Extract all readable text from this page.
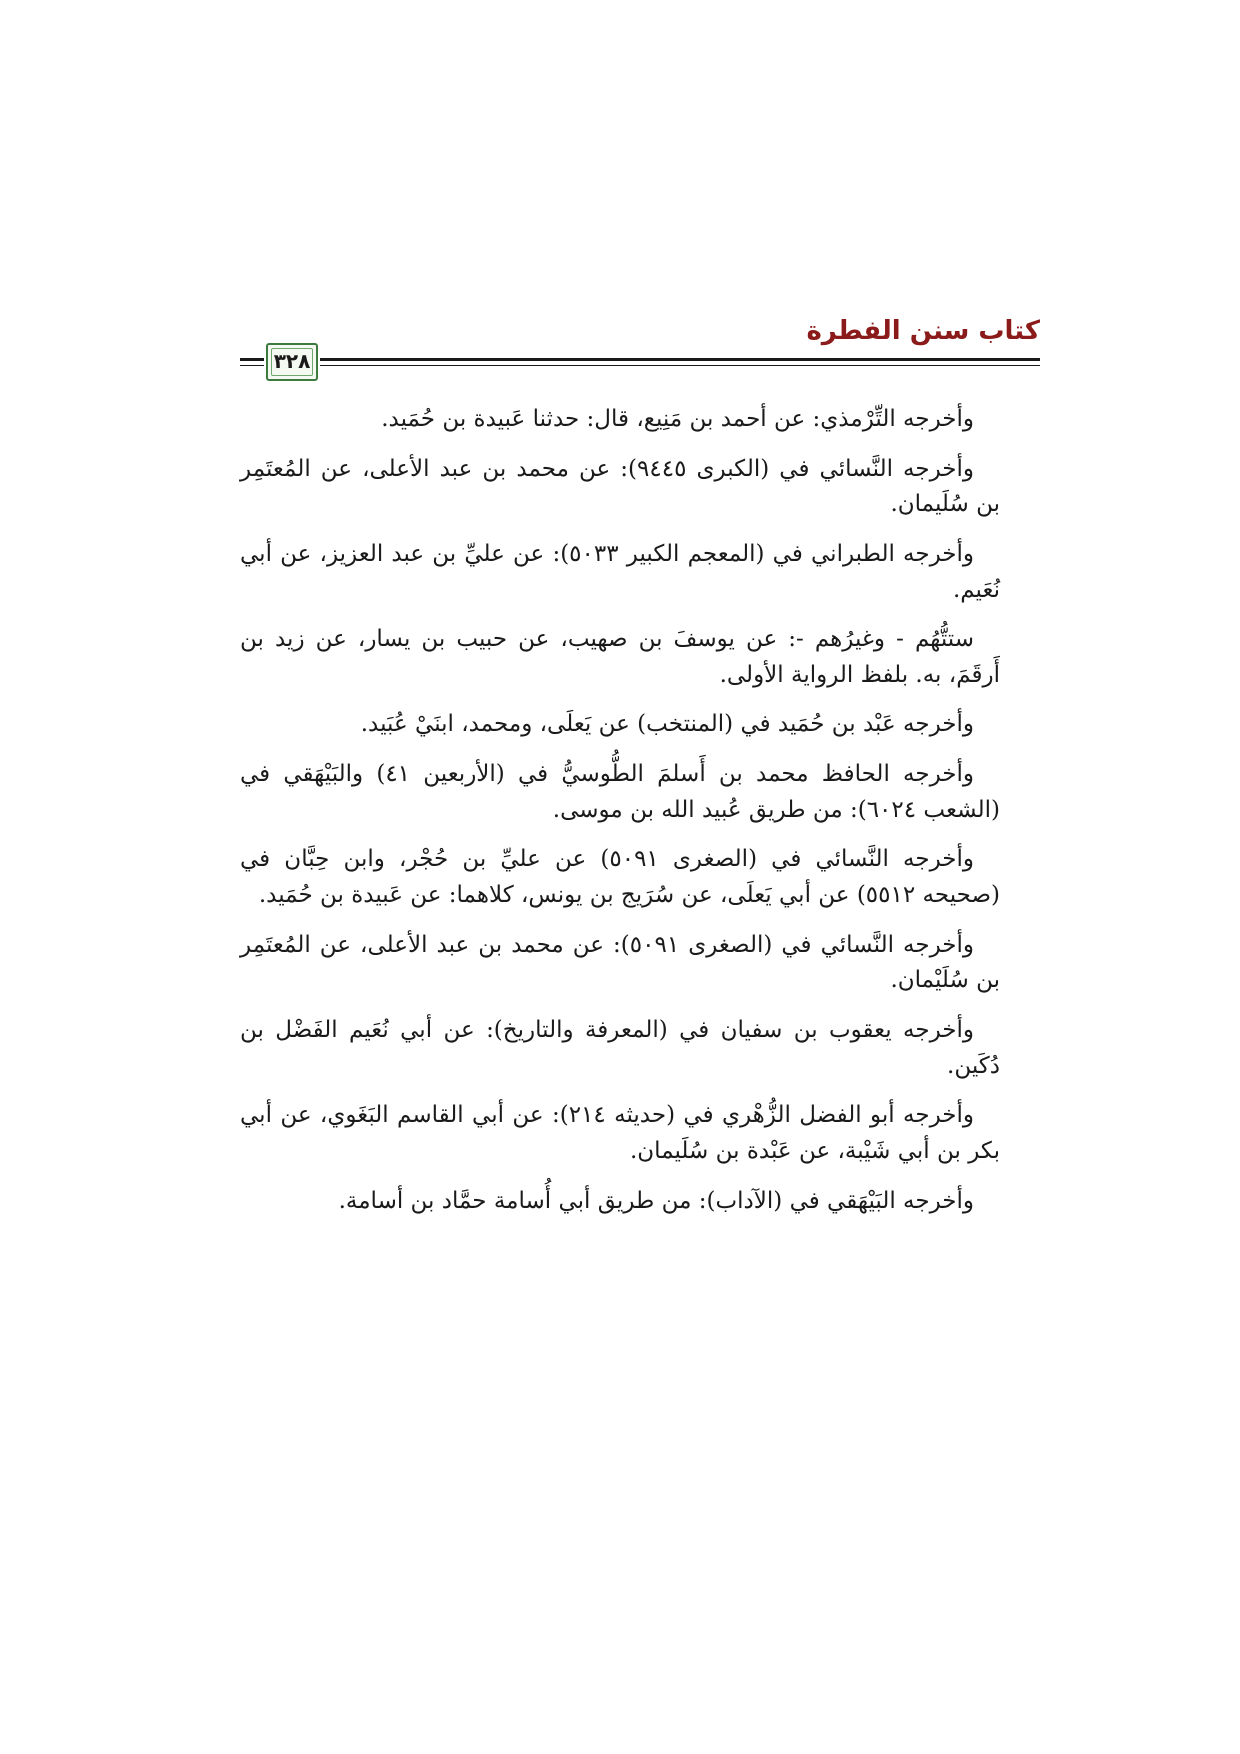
كتاب سنن الفطرة
٣٢٨

وأخرجه التِّرْمذي: عن أحمد بن مَنِيع، قال: حدثنا عَبيدة بن حُمَيد.

وأخرجه النَّسائي في (الكبرى ٩٤٤٥): عن محمد بن عبد الأعلى، عن المُعتَمِر بن سُلَيمان.

وأخرجه الطبراني في (المعجم الكبير ٥٠٣٣): عن عليِّ بن عبد العزيز، عن أبي نُعَيم.

ستتُّهُم - وغيرُهم -: عن يوسفَ بن صهيب، عن حبيب بن يسار، عن زيد بن أَرقَمَ، به. بلفظ الرواية الأولى.

وأخرجه عَبْد بن حُمَيد في (المنتخب) عن يَعلَى، ومحمد، ابنَيْ عُبَيد.

وأخرجه الحافظ محمد بن أَسلمَ الطُّوسيُّ في (الأربعين ٤١) والبَيْهَقي في (الشعب ٦٠٢٤): من طريق عُبيد الله بن موسى.

وأخرجه النَّسائي في (الصغرى ٥٠٩١) عن عليِّ بن حُجْر، وابن حِبَّان في (صحيحه ٥٥١٢) عن أبي يَعلَى، عن سُرَيج بن يونس، كلاهما: عن عَبيدة بن حُمَيد.

وأخرجه النَّسائي في (الصغرى ٥٠٩١): عن محمد بن عبد الأعلى، عن المُعتَمِر بن سُلَيْمان.

وأخرجه يعقوب بن سفيان في (المعرفة والتاريخ): عن أبي نُعَيم الفَضْل بن دُكَين.

وأخرجه أبو الفضل الزُّهْري في (حديثه ٢١٤): عن أبي القاسم البَغَوي، عن أبي بكر بن أبي شَيْبة، عن عَبْدة بن سُلَيمان.

وأخرجه البَيْهَقي في (الآداب): من طريق أبي أُسامة حمَّاد بن أسامة.
